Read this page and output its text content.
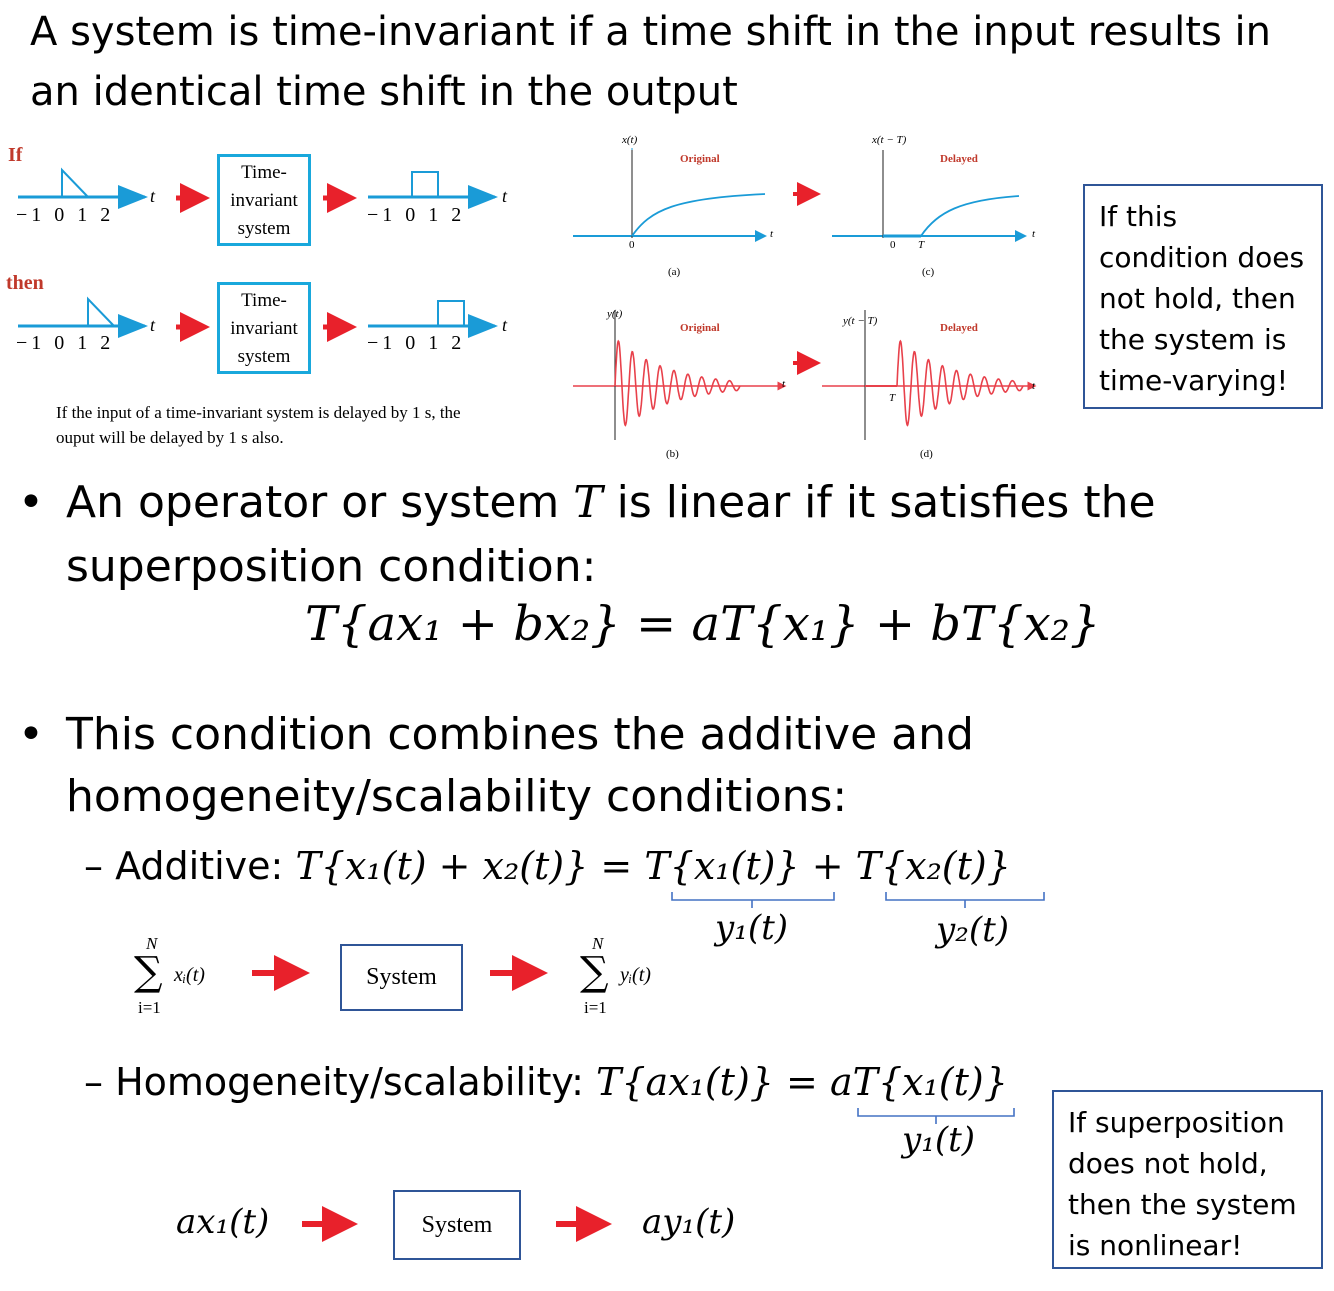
A system is time-invariant if a time shift in the input results in an identical time shift in the output
If
then
t	t
t	t
−1 0 1 2	−1 0 1 2
−1 0 1 2	−1 0 1 2
Time- invariant system
Time- invariant system
If the input of a time-invariant system is delayed by 1 s, the ouput will be delayed by 1 s also.
x(t)
Original
0
t
(a)
x(t − T)
Delayed
0 T
t
(c)
y(t)
Original
t
(b)
y(t − T)
Delayed
T
t
(d)
If this condition does not hold, then the system is time-varying!
• An operator or system T is linear if it satisfies the
superposition condition:
T{ax₁ + bx₂} = aT{x₁} + bT{x₂}
• This condition combines the additive and
homogeneity/scalability conditions:
– Additive: T{x₁(t) + x₂(t)} = T{x₁(t)} + T{x₂(t)}
y₁(t)	y₂(t)
N
∑
i=1
xᵢ(t)
N
∑
i=1
yᵢ(t)
System
– Homogeneity/scalability: T{ax₁(t)} = aT{x₁(t)}
y₁(t)
ax₁(t)	System	ay₁(t)
If superposition does not hold, then the system is nonlinear!
